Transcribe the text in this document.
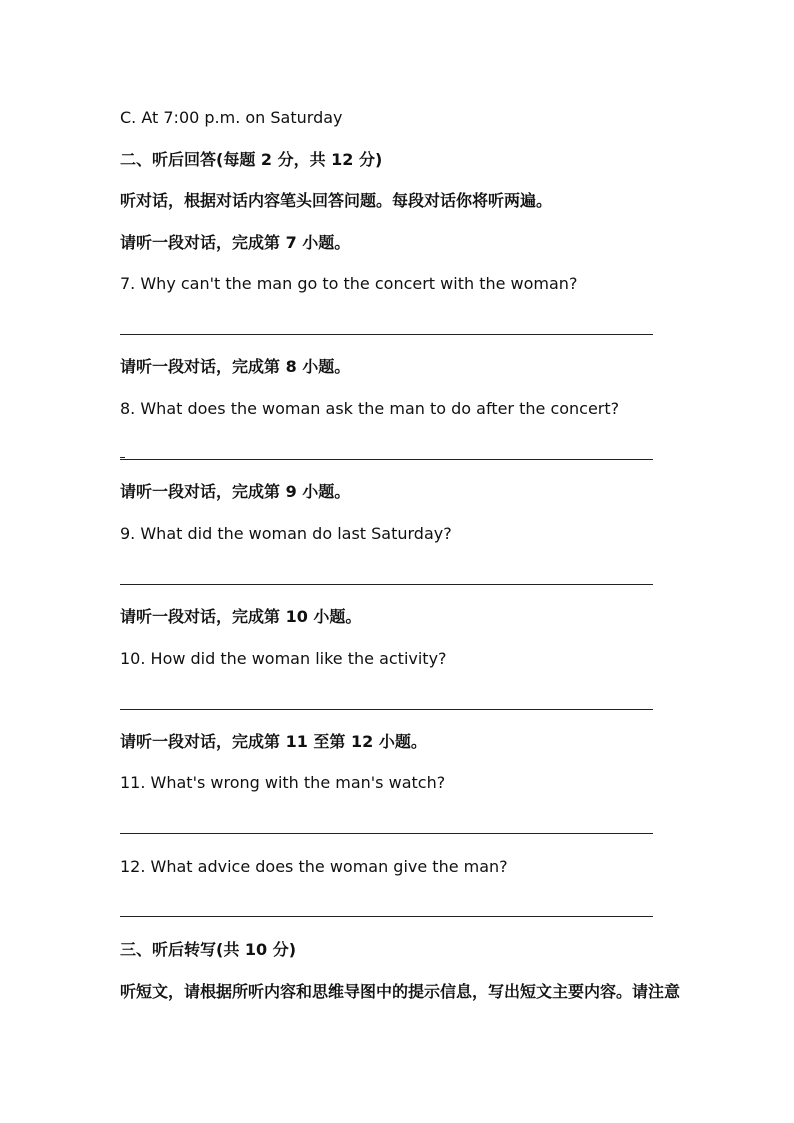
C. At 7:00 p.m. on Saturday
二、听后回答(每题 2 分，共 12 分)
听对话，根据对话内容笔头回答问题。每段对话你将听两遍。
请听一段对话，完成第 7 小题。
7. Why can't the man go to the concert with the woman?
请听一段对话，完成第 8 小题。
8. What does the woman ask the man to do after the concert?
请听一段对话，完成第 9 小题。
9. What did the woman do last Saturday?
请听一段对话，完成第 10 小题。
10. How did the woman like the activity?
请听一段对话，完成第 11 至第 12 小题。
11. What's wrong with the man's watch?
12. What advice does the woman give the man?
三、听后转写(共 10 分)
听短文，请根据所听内容和思维导图中的提示信息，写出短文主要内容。请注意
